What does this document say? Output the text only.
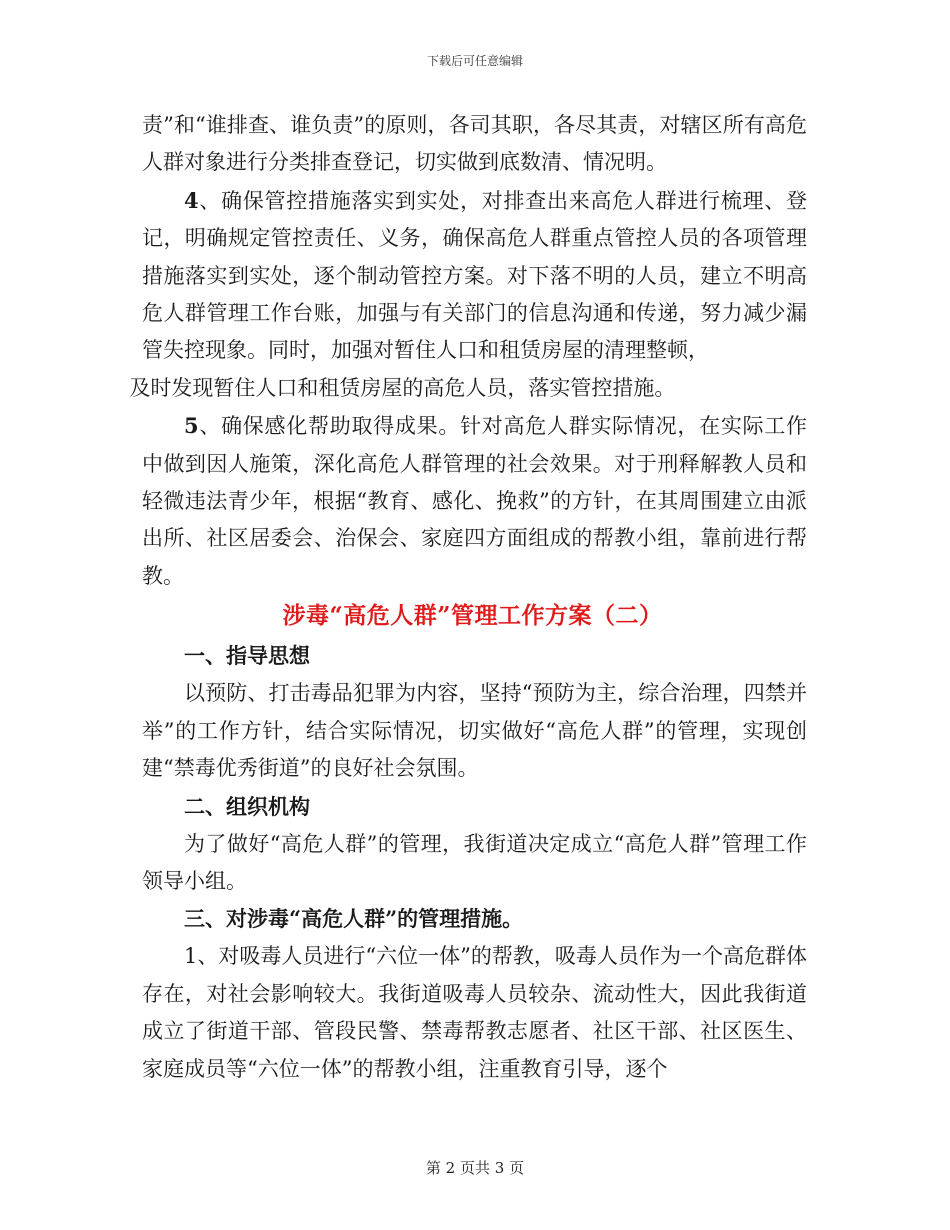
下载后可任意编辑

责”和“谁排查、谁负责”的原则，各司其职，各尽其责，对辖区所有高危人群对象进行分类排查登记，切实做到底数清、情况明。

4、确保管控措施落实到实处，对排查出来高危人群进行梳理、登记，明确规定管控责任、义务，确保高危人群重点管控人员的各项管理措施落实到实处，逐个制动管控方案。对下落不明的人员，建立不明高危人群管理工作台账，加强与有关部门的信息沟通和传递，努力减少漏管失控现象。同时，加强对暂住人口和租赁房屋的清理整顿，
及时发现暂住人口和租赁房屋的高危人员，落实管控措施。

5、确保感化帮助取得成果。针对高危人群实际情况，在实际工作中做到因人施策，深化高危人群管理的社会效果。对于刑释解教人员和轻微违法青少年，根据“教育、感化、挽救”的方针，在其周围建立由派出所、社区居委会、治保会、家庭四方面组成的帮教小组，靠前进行帮教。

涉毒“高危人群”管理工作方案（二）
一、指导思想

以预防、打击毒品犯罪为内容，坚持“预防为主，综合治理，四禁并举”的工作方针，结合实际情况，切实做好“高危人群”的管理，实现创建“禁毒优秀街道”的良好社会氛围。

二、组织机构

为了做好“高危人群”的管理，我街道决定成立“高危人群”管理工作领导小组。

三、对涉毒“高危人群”的管理措施。

1、对吸毒人员进行“六位一体”的帮教，吸毒人员作为一个高危群体存在，对社会影响较大。我街道吸毒人员较杂、流动性大，因此我街道成立了街道干部、管段民警、禁毒帮教志愿者、社区干部、社区医生、家庭成员等“六位一体”的帮教小组，注重教育引导，逐个

第 2 页共 3 页
